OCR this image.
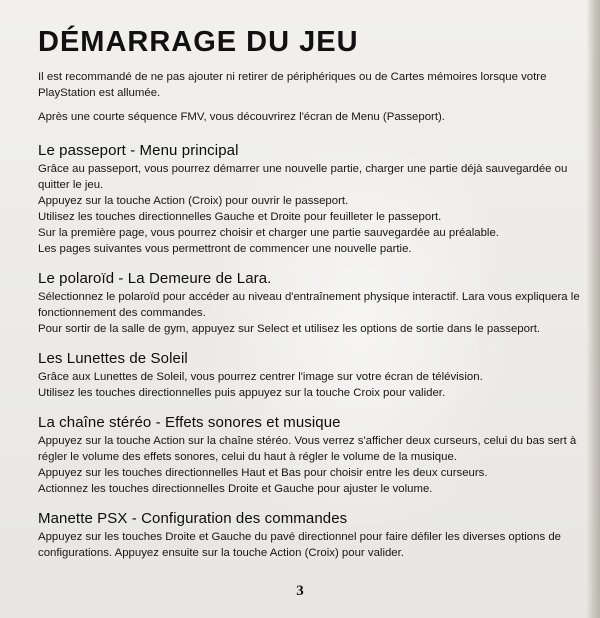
DÉMARRAGE DU JEU

Il est recommandé de ne pas ajouter ni retirer de périphériques ou de Cartes mémoires lorsque votre PlayStation est allumée.

Après une courte séquence FMV, vous découvrirez l'écran de Menu (Passeport).

Le passeport - Menu principal

Grâce au passeport, vous pourrez démarrer une nouvelle partie, charger une partie déjà sauvegardée ou quitter le jeu.

Appuyez sur la touche Action (Croix) pour ouvrir le passeport.

Utilisez les touches directionnelles Gauche et Droite pour feuilleter le passeport.

Sur la première page, vous pourrez choisir et charger une partie sauvegardée au préalable.

Les pages suivantes vous permettront de commencer une nouvelle partie.

Le polaroïd - La Demeure de Lara.

Sélectionnez le polaroïd pour accéder au niveau d'entraînement physique interactif. Lara vous expliquera le fonctionnement des commandes.

Pour sortir de la salle de gym, appuyez sur Select et utilisez les options de sortie dans le passeport.

Les Lunettes de Soleil

Grâce aux Lunettes de Soleil, vous pourrez centrer l'image sur votre écran de télévision.

Utilisez les touches directionnelles puis appuyez sur la touche Croix pour valider.

La chaîne stéréo - Effets sonores et musique

Appuyez sur la touche Action sur la chaîne stéréo. Vous verrez s'afficher deux curseurs, celui du bas sert à régler le volume des effets sonores, celui du haut à régler le volume de la musique.

Appuyez sur les touches directionnelles Haut et Bas pour choisir entre les deux curseurs.

Actionnez les touches directionnelles Droite et Gauche pour ajuster le volume.

Manette PSX - Configuration des commandes

Appuyez sur les touches Droite et Gauche du pavé directionnel pour faire défiler les diverses options de configurations. Appuyez ensuite sur la touche Action (Croix) pour valider.

3
